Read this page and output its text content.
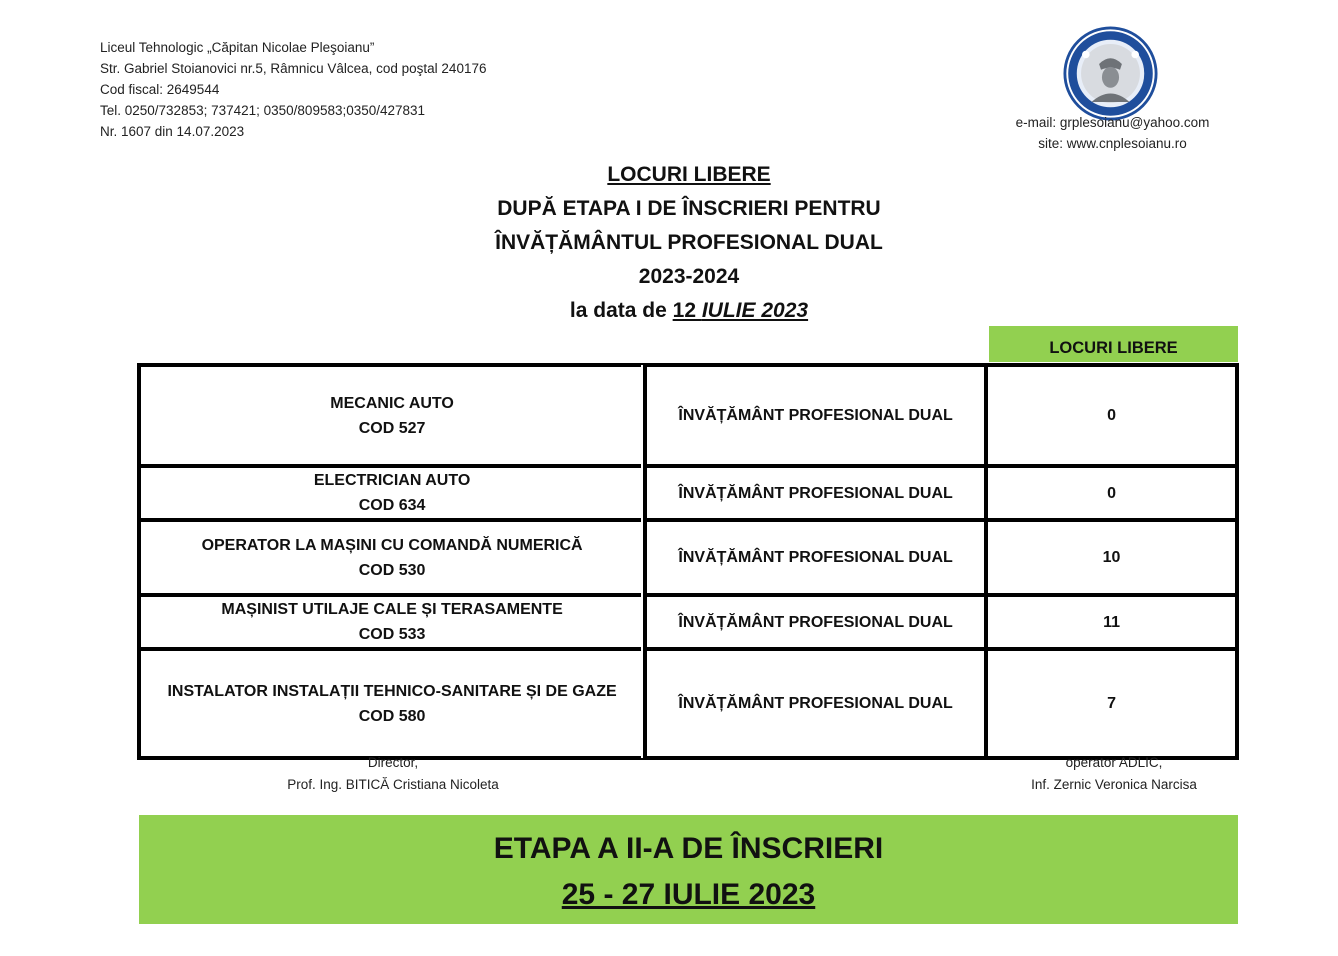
Liceul Tehnologic „Căpitan Nicolae Pleşoianu”
Str. Gabriel Stoianovici nr.5, Râmnicu Vâlcea, cod poştal 240176
Cod fiscal: 2649544
Tel. 0250/732853; 737421; 0350/809583;0350/427831
Nr. 1607 din 14.07.2023
e-mail: grplesoianu@yahoo.com
site: www.cnplesoianu.ro
LOCURI LIBERE
DUPĂ ETAPA I DE ÎNSCRIERI PENTRU
ÎNVĂȚĂMÂNTUL PROFESIONAL DUAL
2023-2024
la data de 12 IULIE 2023
LOCURI LIBERE
MECANIC AUTO
COD 527	ÎNVĂȚĂMÂNT PROFESIONAL DUAL	0

ELECTRICIAN AUTO
COD 634	ÎNVĂȚĂMÂNT PROFESIONAL DUAL	0

OPERATOR LA MAȘINI CU COMANDĂ NUMERICĂ
COD 530	ÎNVĂȚĂMÂNT PROFESIONAL DUAL	10

MAȘINIST UTILAJE CALE ȘI TERASAMENTE
COD 533	ÎNVĂȚĂMÂNT PROFESIONAL DUAL	11

INSTALATOR INSTALAȚII TEHNICO-SANITARE ȘI DE GAZE
COD 580	ÎNVĂȚĂMÂNT PROFESIONAL DUAL	7
Director,
Prof. Ing. BITICĂ Cristiana Nicoleta
operator ADLIC,
Inf. Zernic Veronica Narcisa
ETAPA A II-A DE ÎNSCRIERI
25 - 27 IULIE 2023
